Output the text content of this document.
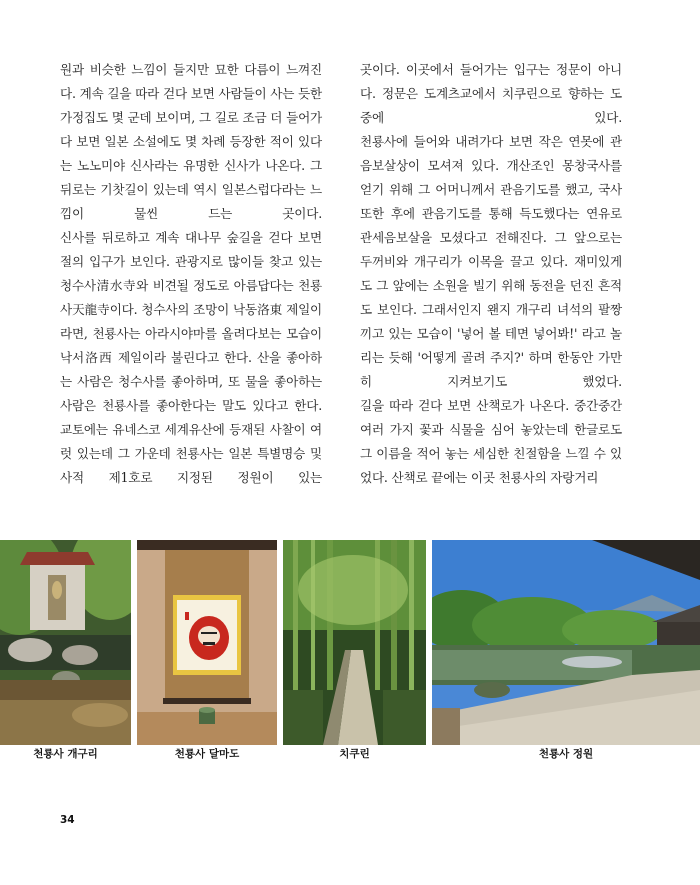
원과 비슷한 느낌이 들지만 묘한 다름이 느껴진다. 계속 길을 따라 걷다 보면 사람들이 사는 듯한 가정집도 몇 군데 보이며, 그 길로 조금 더 들어가다 보면 일본 소설에도 몇 차례 등장한 적이 있다는 노노미야 신사라는 유명한 신사가 나온다. 그 뒤로는 기찻길이 있는데 역시 일본스럽다라는 느낌이 물씬 드는 곳이다.

신사를 뒤로하고 계속 대나무 숲길을 걷다 보면 절의 입구가 보인다. 관광지로 많이들 찾고 있는 청수사清水寺와 비견될 정도로 아름답다는 천룡사天龍寺이다. 청수사의 조망이 낙동洛東 제일이라면, 천룡사는 아라시야마를 올려다보는 모습이 낙서洛西 제일이라 불린다고 한다. 산을 좋아하는 사람은 청수사를 좋아하며, 또 물을 좋아하는 사람은 천룡사를 좋아한다는 말도 있다고 한다. 교토에는 유네스코 세계유산에 등재된 사찰이 여럿 있는데 그 가운데 천룡사는 일본 특별명승 및 사적 제1호로 지정된 정원이 있는

곳이다. 이곳에서 들어가는 입구는 정문이 아니다. 정문은 도계츠교에서 치쿠린으로 향하는 도중에 있다.

천룡사에 들어와 내려가다 보면 작은 연못에 관음보살상이 모셔져 있다. 개산조인 몽창국사를 얻기 위해 그 어머니께서 관음기도를 했고, 국사 또한 후에 관음기도를 통해 득도했다는 연유로 관세음보살을 모셨다고 전해진다. 그 앞으로는 두꺼비와 개구리가 이목을 끌고 있다. 재미있게도 그 앞에는 소원을 빌기 위해 동전을 던진 흔적도 보인다. 그래서인지 왠지 개구리 녀석의 팔짱 끼고 있는 모습이 '넣어 볼 테면 넣어봐!' 라고 놀리는 듯해 '어떻게 골려 주지?' 하며 한동안 가만히 지켜보기도 했었다.

길을 따라 걷다 보면 산책로가 나온다. 중간중간 여러 가지 꽃과 식물을 심어 놓았는데 한글로도 그 이름을 적어 놓는 세심한 친절함을 느낄 수 있었다. 산책로 끝에는 이곳 천룡사의 자랑거리

천룡사 개구리	천룡사 달마도	치쿠린	천룡사 정원
34
